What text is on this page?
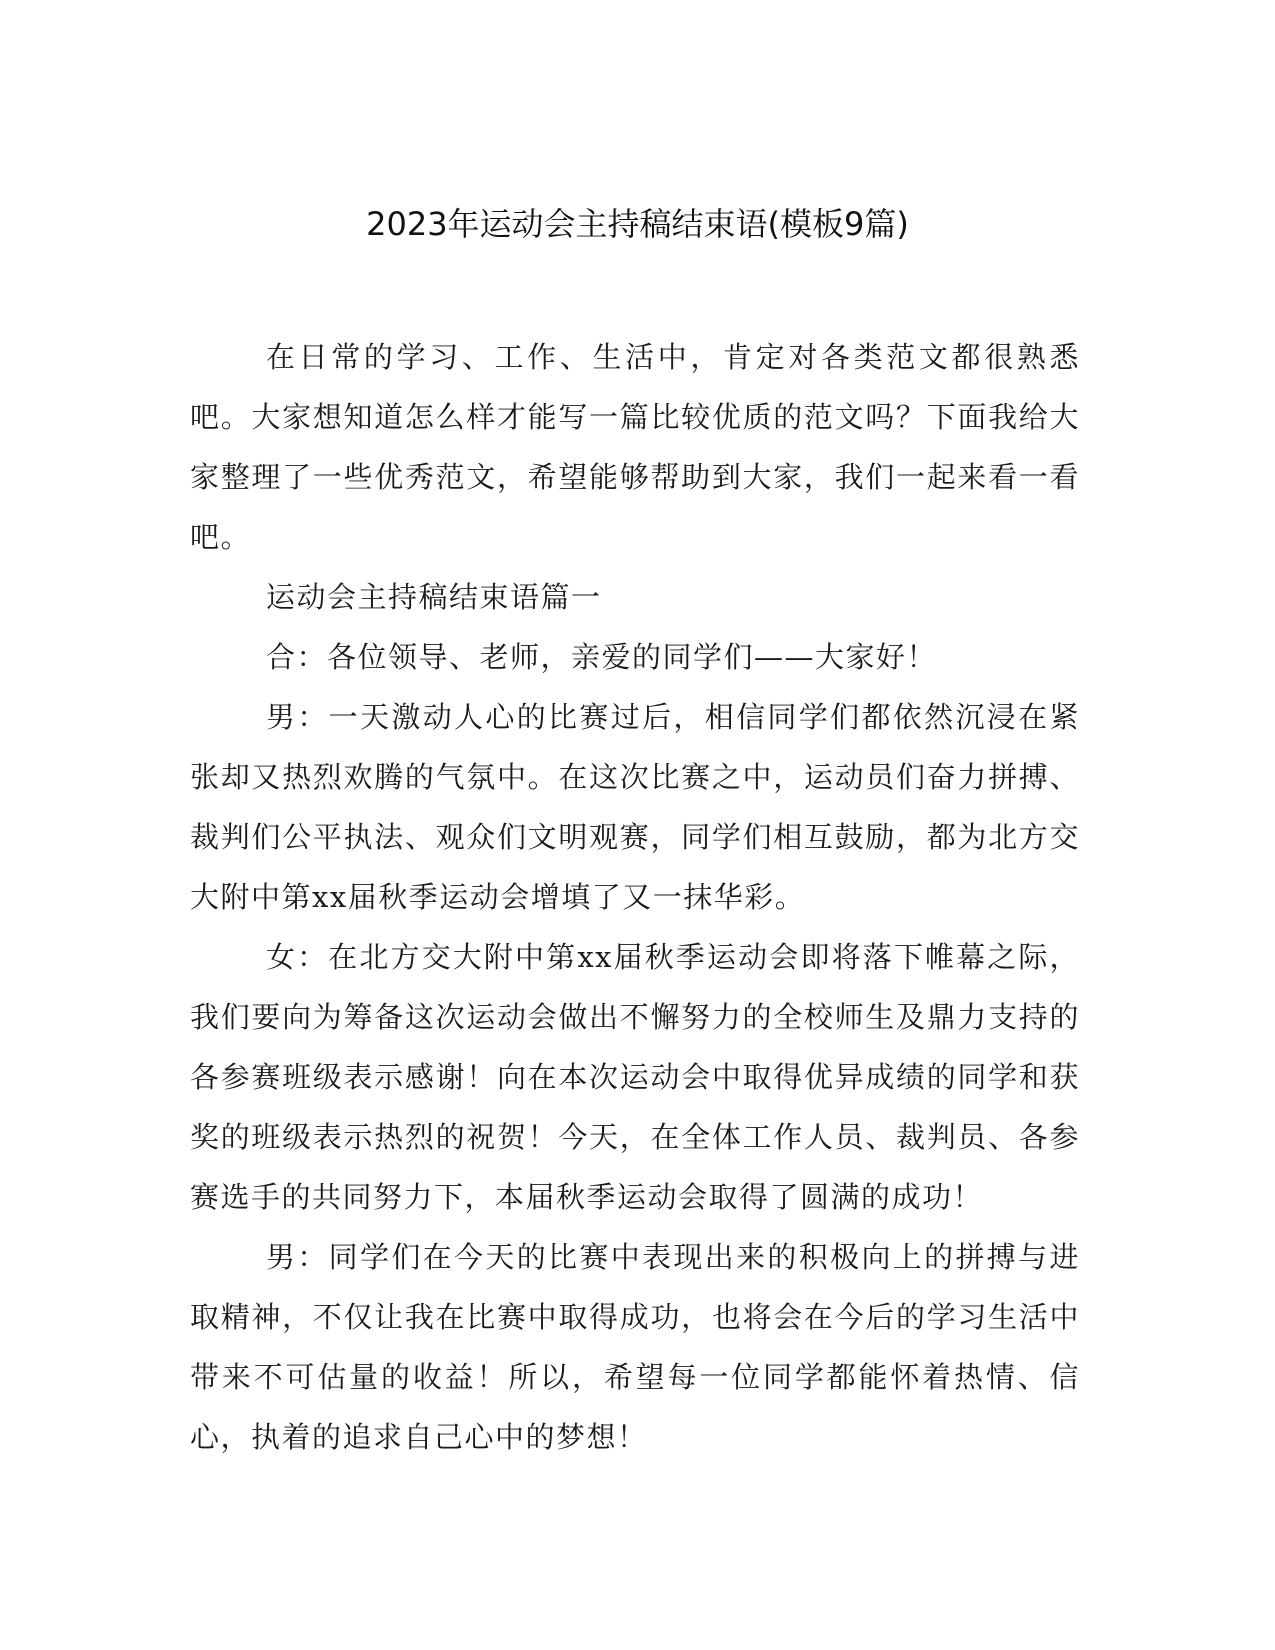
2023年运动会主持稿结束语(模板9篇)

在日常的学习、工作、生活中，肯定对各类范文都很熟悉吧。大家想知道怎么样才能写一篇比较优质的范文吗？下面我给大家整理了一些优秀范文，希望能够帮助到大家，我们一起来看一看吧。

运动会主持稿结束语篇一

合：各位领导、老师，亲爱的同学们——大家好！

男：一天激动人心的比赛过后，相信同学们都依然沉浸在紧张却又热烈欢腾的气氛中。在这次比赛之中，运动员们奋力拼搏、裁判们公平执法、观众们文明观赛，同学们相互鼓励，都为北方交大附中第xx届秋季运动会增填了又一抹华彩。

女：在北方交大附中第xx届秋季运动会即将落下帷幕之际，我们要向为筹备这次运动会做出不懈努力的全校师生及鼎力支持的各参赛班级表示感谢！向在本次运动会中取得优异成绩的同学和获奖的班级表示热烈的祝贺！今天，在全体工作人员、裁判员、各参赛选手的共同努力下，本届秋季运动会取得了圆满的成功！

男：同学们在今天的比赛中表现出来的积极向上的拼搏与进取精神，不仅让我在比赛中取得成功，也将会在今后的学习生活中带来不可估量的收益！所以，希望每一位同学都能怀着热情、信心，执着的追求自己心中的梦想！
